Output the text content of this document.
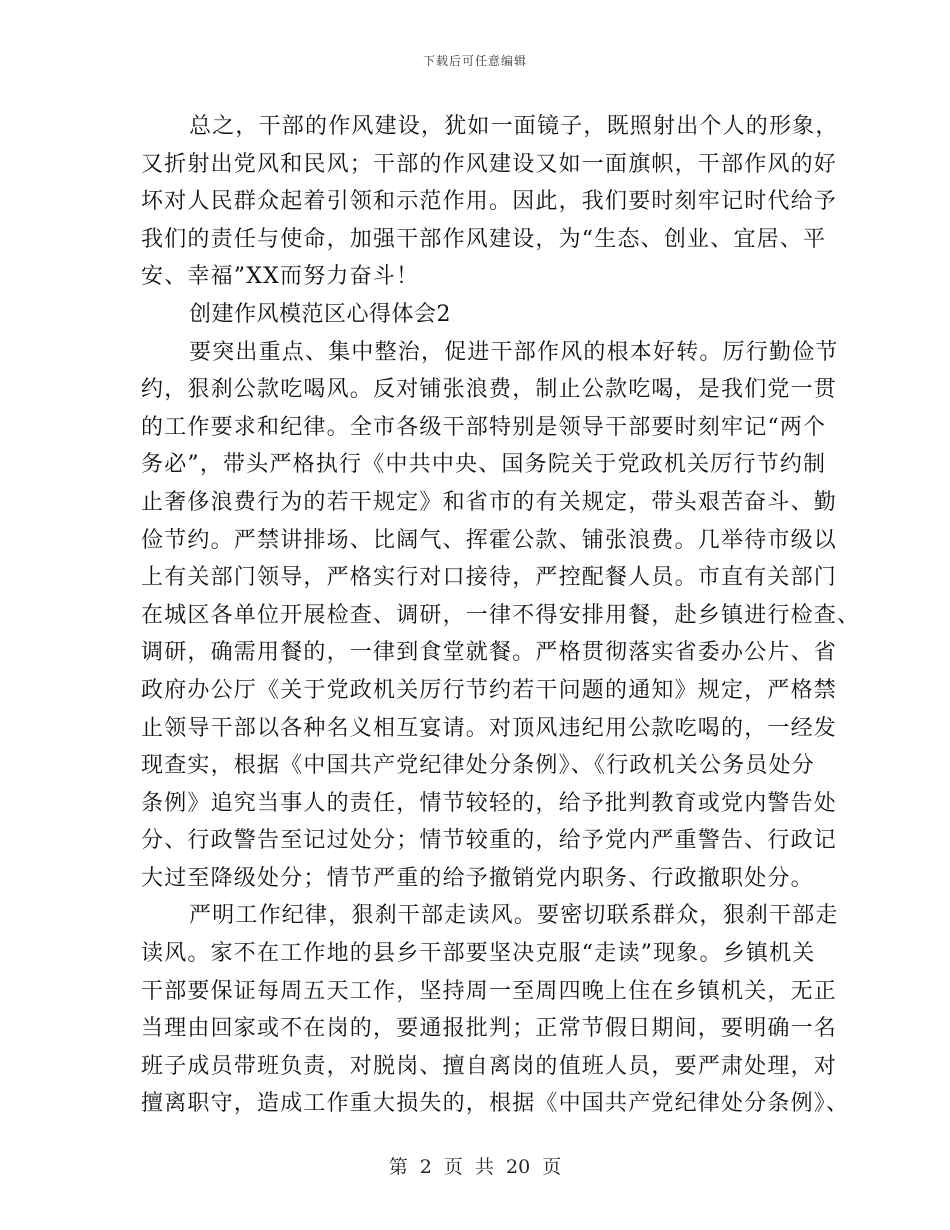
下载后可任意编辑
总之，干部的作风建设，犹如一面镜子，既照射出个人的形象，
又折射出党风和民风；干部的作风建设又如一面旗帜，干部作风的好
坏对人民群众起着引领和示范作用。因此，我们要时刻牢记时代给予
我们的责任与使命，加强干部作风建设，为“生态、创业、宜居、平
安、幸福”XX而努力奋斗！
创建作风模范区心得体会2
要突出重点、集中整治，促进干部作风的根本好转。厉行勤俭节
约，狠刹公款吃喝风。反对铺张浪费，制止公款吃喝，是我们党一贯
的工作要求和纪律。全市各级干部特别是领导干部要时刻牢记“两个
务必”，带头严格执行《中共中央、国务院关于党政机关厉行节约制
止奢侈浪费行为的若干规定》和省市的有关规定，带头艰苦奋斗、勤
俭节约。严禁讲排场、比阔气、挥霍公款、铺张浪费。几举待市级以
上有关部门领导，严格实行对口接待，严控配餐人员。市直有关部门
在城区各单位开展检查、调研，一律不得安排用餐，赴乡镇进行检查、
调研，确需用餐的，一律到食堂就餐。严格贯彻落实省委办公片、省
政府办公厅《关于党政机关厉行节约若干问题的通知》规定，严格禁
止领导干部以各种名义相互宴请。对顶风违纪用公款吃喝的，一经发
现查实，根据《中国共产党纪律处分条例》、《行政机关公务员处分
条例》追究当事人的责任，情节较轻的，给予批判教育或党内警告处
分、行政警告至记过处分；情节较重的，给予党内严重警告、行政记
大过至降级处分；情节严重的给予撤销党内职务、行政撤职处分。
严明工作纪律，狠刹干部走读风。要密切联系群众，狠刹干部走
读风。家不在工作地的县乡干部要坚决克服“走读”现象。乡镇机关
干部要保证每周五天工作，坚持周一至周四晚上住在乡镇机关，无正
当理由回家或不在岗的，要通报批判；正常节假日期间，要明确一名
班子成员带班负责，对脱岗、擅自离岗的值班人员，要严肃处理，对
擅离职守，造成工作重大损失的，根据《中国共产党纪律处分条例》、
第 2 页 共 20 页
